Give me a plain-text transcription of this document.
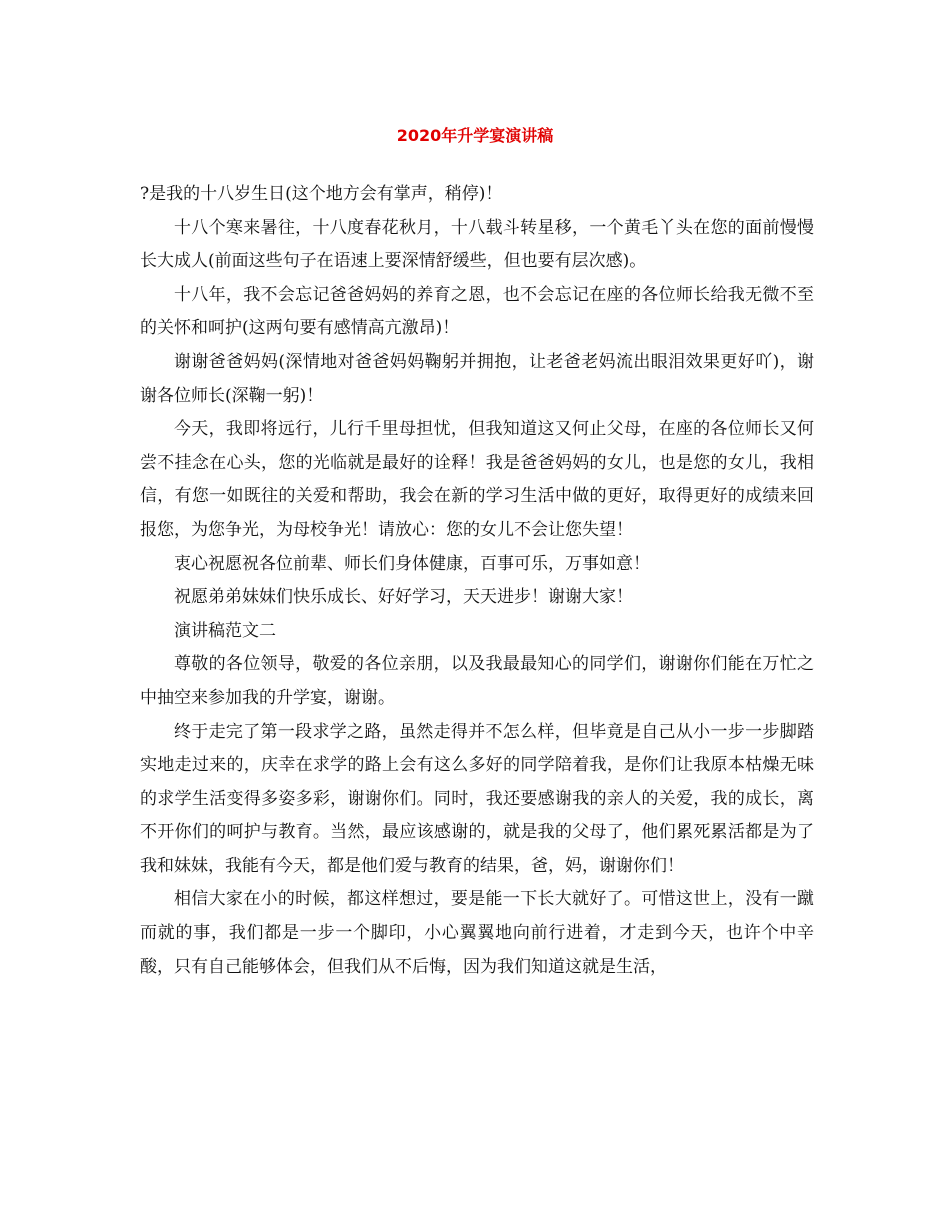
2020年升学宴演讲稿

?是我的十八岁生日(这个地方会有掌声，稍停)！

十八个寒来暑往，十八度春花秋月，十八载斗转星移，一个黄毛丫头在您的面前慢慢长大成人(前面这些句子在语速上要深情舒缓些，但也要有层次感)。

十八年，我不会忘记爸爸妈妈的养育之恩，也不会忘记在座的各位师长给我无微不至的关怀和呵护(这两句要有感情高亢激昂)！

谢谢爸爸妈妈(深情地对爸爸妈妈鞠躬并拥抱，让老爸老妈流出眼泪效果更好吖)，谢谢各位师长(深鞠一躬)！

今天，我即将远行，儿行千里母担忧，但我知道这又何止父母，在座的各位师长又何尝不挂念在心头，您的光临就是最好的诠释！我是爸爸妈妈的女儿，也是您的女儿，我相信，有您一如既往的关爱和帮助，我会在新的学习生活中做的更好，取得更好的成绩来回报您，为您争光，为母校争光！请放心：您的女儿不会让您失望！

衷心祝愿祝各位前辈、师长们身体健康，百事可乐，万事如意！

祝愿弟弟妹妹们快乐成长、好好学习，天天进步！谢谢大家！

演讲稿范文二

尊敬的各位领导，敬爱的各位亲朋，以及我最最知心的同学们，谢谢你们能在万忙之中抽空来参加我的升学宴，谢谢。

终于走完了第一段求学之路，虽然走得并不怎么样，但毕竟是自己从小一步一步脚踏实地走过来的，庆幸在求学的路上会有这么多好的同学陪着我，是你们让我原本枯燥无味的求学生活变得多姿多彩，谢谢你们。同时，我还要感谢我的亲人的关爱，我的成长，离不开你们的呵护与教育。当然，最应该感谢的，就是我的父母了，他们累死累活都是为了我和妹妹，我能有今天，都是他们爱与教育的结果，爸，妈，谢谢你们！

相信大家在小的时候，都这样想过，要是能一下长大就好了。可惜这世上，没有一蹴而就的事，我们都是一步一个脚印，小心翼翼地向前行进着，才走到今天，也许个中辛酸，只有自己能够体会，但我们从不后悔，因为我们知道这就是生活，
